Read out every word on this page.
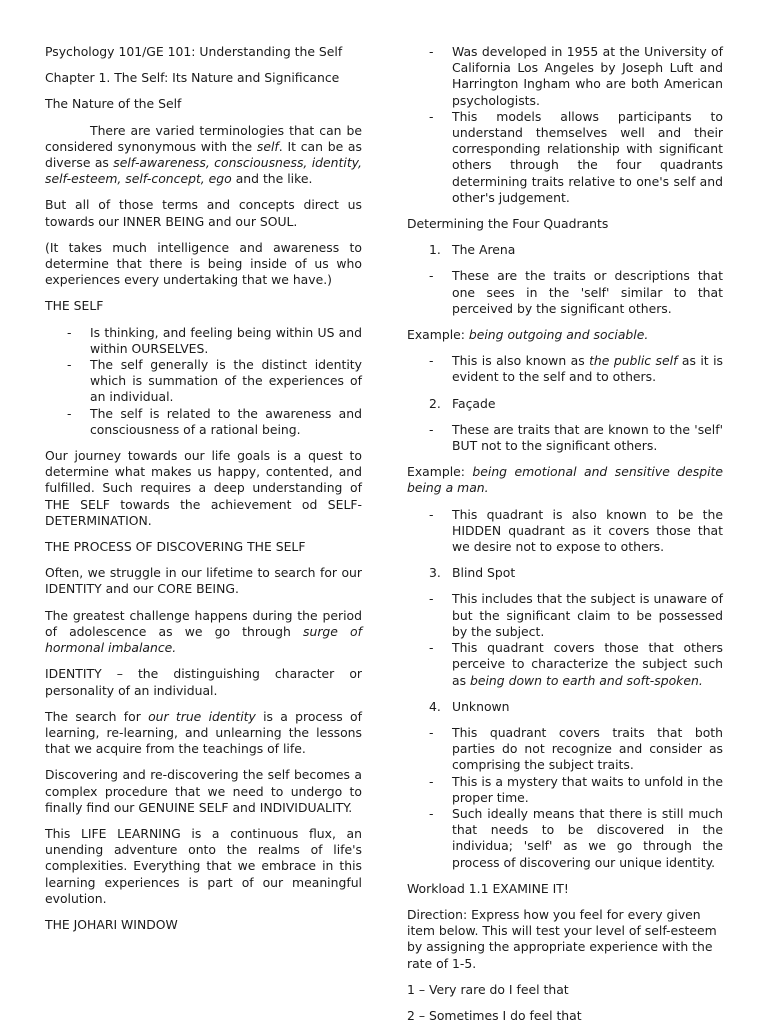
Psychology 101/GE 101: Understanding the Self

Chapter 1. The Self: Its Nature and Significance

The Nature of the Self

There are varied terminologies that can be considered synonymous with the self. It can be as diverse as self-awareness, consciousness, identity, self-esteem, self-concept, ego and the like.

But all of those terms and concepts direct us towards our INNER BEING and our SOUL.

(It takes much intelligence and awareness to determine that there is being inside of us who experiences every undertaking that we have.)

THE SELF

- Is thinking, and feeling being within US and within OURSELVES.
- The self generally is the distinct identity which is summation of the experiences of an individual.
- The self is related to the awareness and consciousness of a rational being.

Our journey towards our life goals is a quest to determine what makes us happy, contented, and fulfilled. Such requires a deep understanding of THE SELF towards the achievement od SELF-DETERMINATION.

THE PROCESS OF DISCOVERING THE SELF

Often, we struggle in our lifetime to search for our IDENTITY and our CORE BEING.

The greatest challenge happens during the period of adolescence as we go through surge of hormonal imbalance.

IDENTITY – the distinguishing character or personality of an individual.

The search for our true identity is a process of learning, re-learning, and unlearning the lessons that we acquire from the teachings of life.

Discovering and re-discovering the self becomes a complex procedure that we need to undergo to finally find our GENUINE SELF and INDIVIDUALITY.

This LIFE LEARNING is a continuous flux, an unending adventure onto the realms of life's complexities. Everything that we embrace in this learning experiences is part of our meaningful evolution.

THE JOHARI WINDOW

- Was developed in 1955 at the University of California Los Angeles by Joseph Luft and Harrington Ingham who are both American psychologists.
- This models allows participants to understand themselves well and their corresponding relationship with significant others through the four quadrants determining traits relative to one's self and other's judgement.

Determining the Four Quadrants

1. The Arena
- These are the traits or descriptions that one sees in the 'self' similar to that perceived by the significant others.

Example: being outgoing and sociable.

- This is also known as the public self as it is evident to the self and to others.
2. Façade
- These are traits that are known to the 'self' BUT not to the significant others.

Example: being emotional and sensitive despite being a man.

- This quadrant is also known to be the HIDDEN quadrant as it covers those that we desire not to expose to others.
3. Blind Spot
- This includes that the subject is unaware of but the significant claim to be possessed by the subject.
- This quadrant covers those that others perceive to characterize the subject such as being down to earth and soft-spoken.
4. Unknown
- This quadrant covers traits that both parties do not recognize and consider as comprising the subject traits.
- This is a mystery that waits to unfold in the proper time.
- Such ideally means that there is still much that needs to be discovered in the individua; 'self' as we go through the process of discovering our unique identity.

Workload 1.1 EXAMINE IT!

Direction: Express how you feel for every given item below. This will test your level of self-esteem by assigning the appropriate experience with the rate of 1-5.

1 – Very rare do I feel that

2 – Sometimes I do feel that
